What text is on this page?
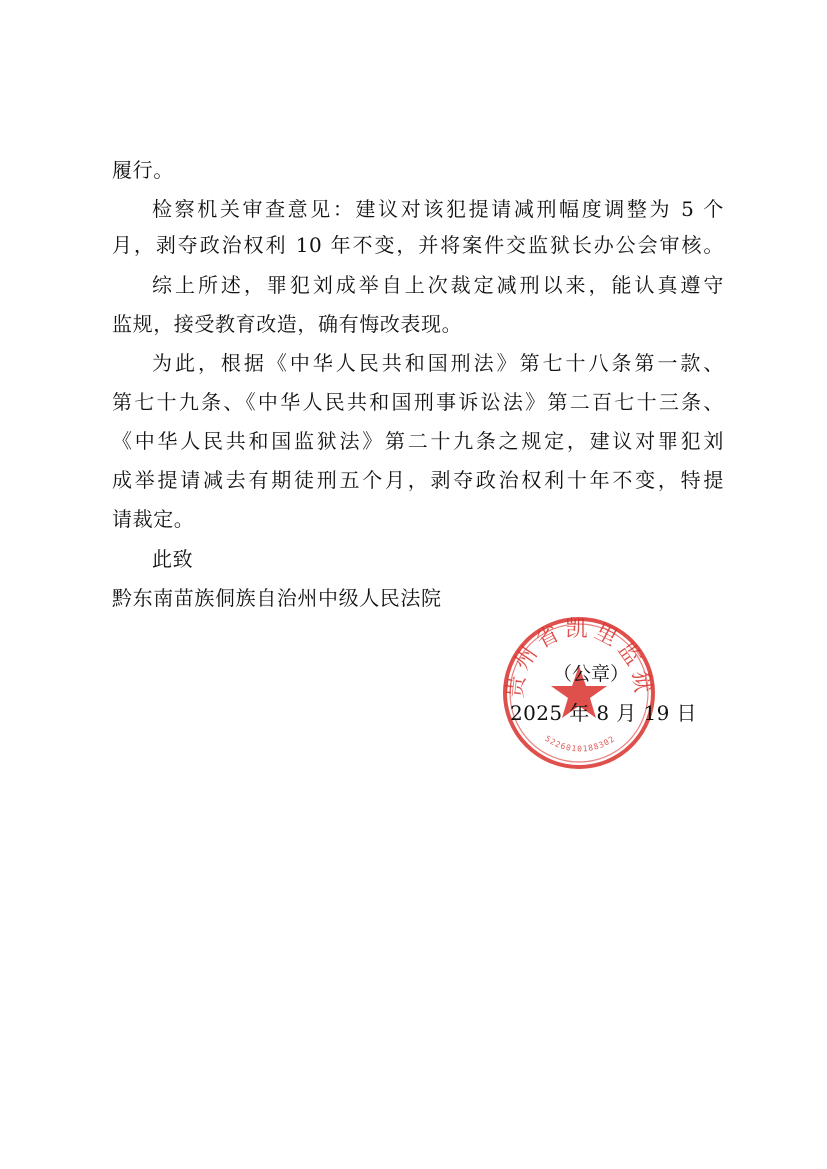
履行。
检察机关审查意见：建议对该犯提请减刑幅度调整为 5 个
月，剥夺政治权利 10 年不变，并将案件交监狱长办公会审核。
综上所述，罪犯刘成举自上次裁定减刑以来，能认真遵守
监规，接受教育改造，确有悔改表现。
为此，根据《中华人民共和国刑法》第七十八条第一款、
第七十九条、《中华人民共和国刑事诉讼法》第二百七十三条、
《中华人民共和国监狱法》第二十九条之规定，建议对罪犯刘
成举提请减去有期徒刑五个月，剥夺政治权利十年不变，特提
请裁定。
此致
黔东南苗族侗族自治州中级人民法院
贵州省凯里监狱
5226010188302
（公章）
2025 年 8 月 19 日
